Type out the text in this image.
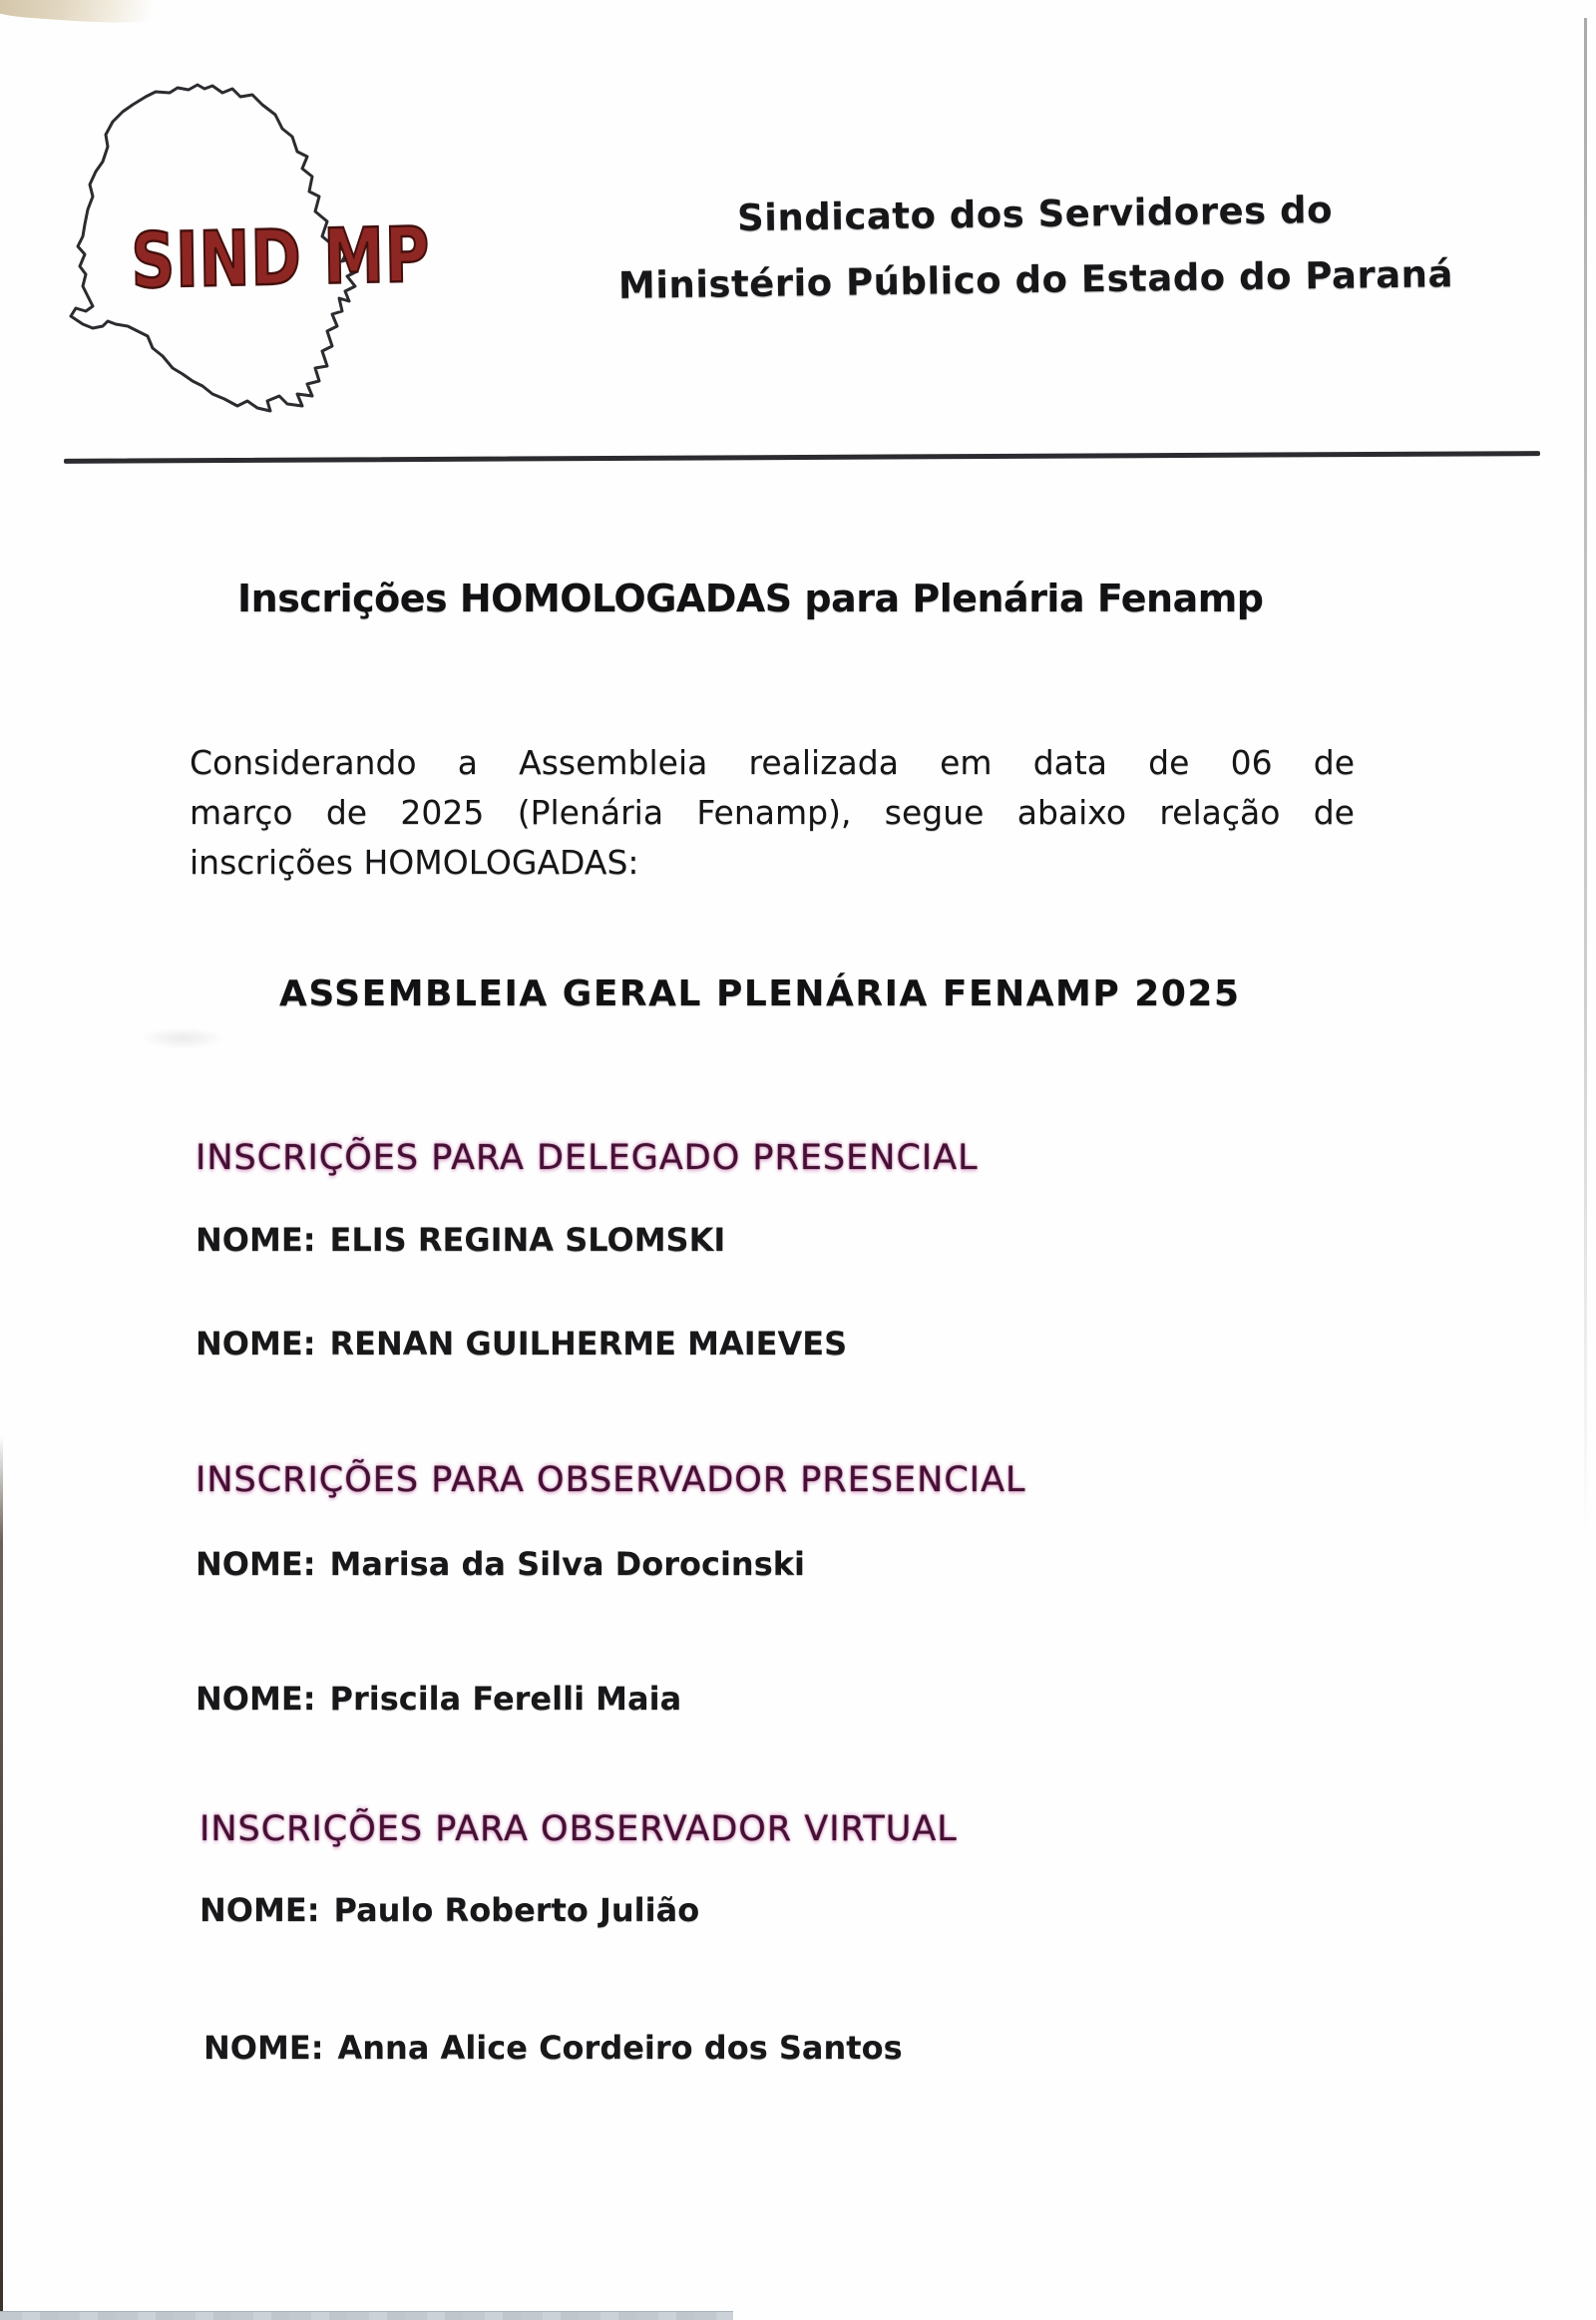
SIND MP	Sindicato dos Servidores do
Ministério Público do Estado do Paraná
Inscrições HOMOLOGADAS para Plenária Fenamp
Considerando a Assembleia realizada em data de 06 de
março de 2025 (Plenária Fenamp), segue abaixo relação de
inscrições HOMOLOGADAS:
ASSEMBLEIA GERAL PLENÁRIA FENAMP 2025
INSCRIÇÕES PARA DELEGADO PRESENCIAL
NOME: ELIS REGINA SLOMSKI
NOME: RENAN GUILHERME MAIEVES
INSCRIÇÕES PARA OBSERVADOR PRESENCIAL
NOME: Marisa da Silva Dorocinski
NOME: Priscila Ferelli Maia
INSCRIÇÕES PARA OBSERVADOR VIRTUAL
NOME: Paulo Roberto Julião
NOME: Anna Alice Cordeiro dos Santos
